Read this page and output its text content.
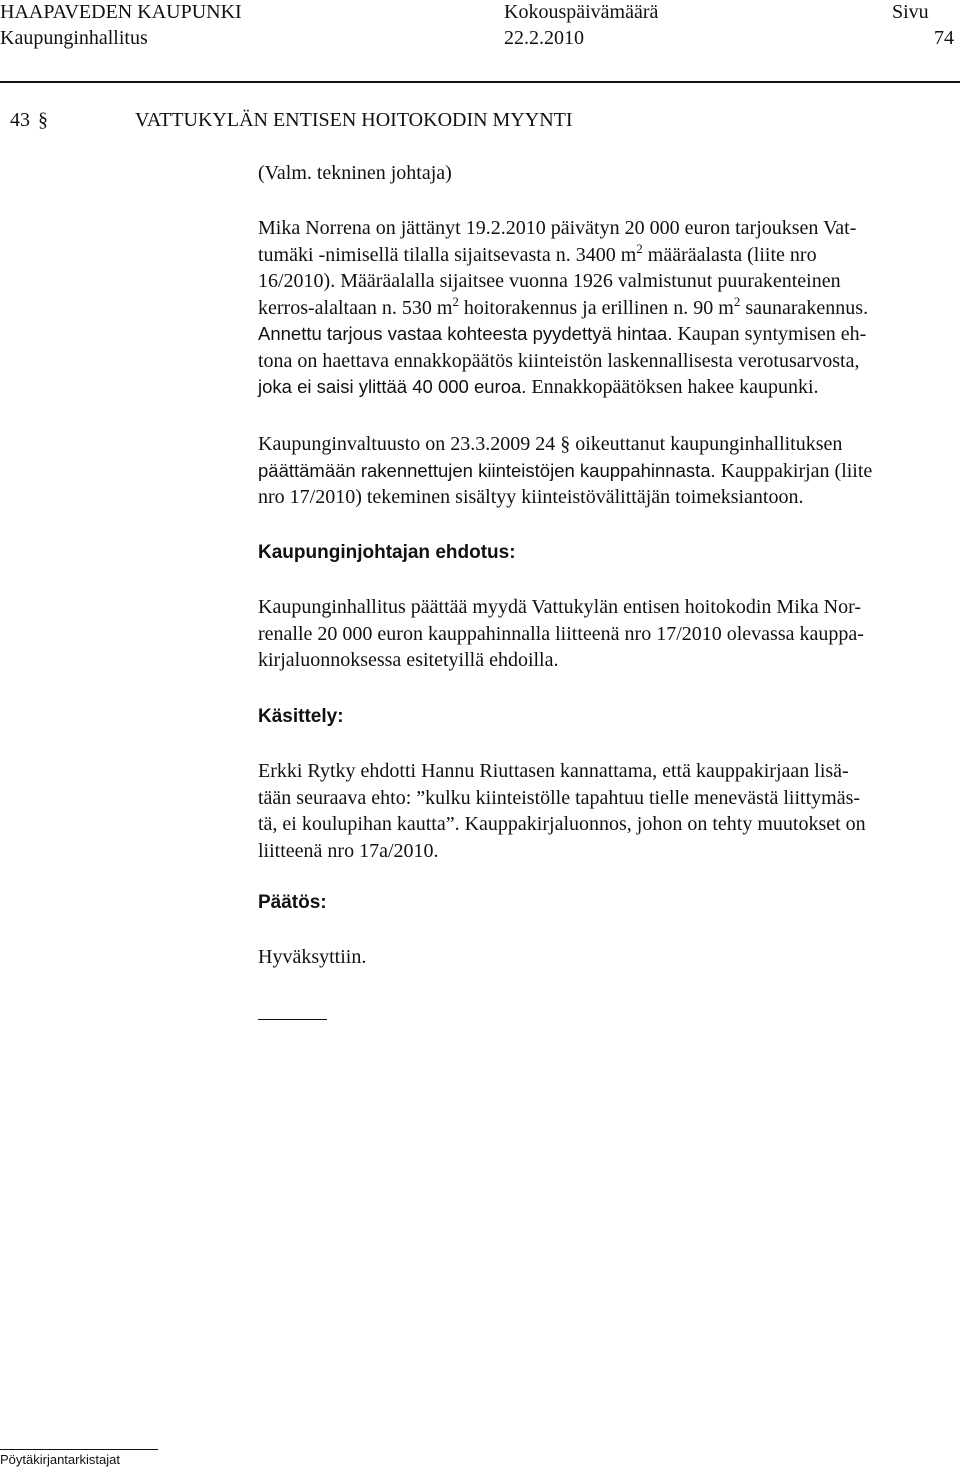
HAAPAVEDEN KAUPUNKI	Kokouspäivämäärä	Sivu
Kaupunginhallitus	22.2.2010	74
43 §	VATTUKYLÄN ENTISEN HOITOKODIN MYYNTI
(Valm. tekninen johtaja)
Mika Norrena on jättänyt 19.2.2010 päivätyn 20 000 euron tarjouksen Vat-
tumäki -nimisellä tilalla sijaitsevasta n. 3400 $m^2$ määräalasta (liite nro
16/2010). Määräalalla sijaitsee vuonna 1926 valmistunut puurakenteinen
kerros-alaltaan n. 530 $m^2$ hoitorakennus ja erillinen n. 90 $m^2$ saunarakennus.
Annettu tarjous vastaa kohteesta pyydettyä hintaa. Kaupan syntymisen eh-
tona on haettava ennakkopäätös kiinteistön laskennallisesta verotusarvosta,
joka ei saisi ylittää 40 000 euroa. Ennakkopäätöksen hakee kaupunki.
Kaupunginvaltuusto on 23.3.2009 24 § oikeuttanut kaupunginhallituksen
päättämään rakennettujen kiinteistöjen kauppahinnasta. Kauppakirjan (liite
nro 17/2010) tekeminen sisältyy kiinteistövälittäjän toimeksiantoon.
Kaupunginjohtajan ehdotus:
Kaupunginhallitus päättää myydä Vattukylän entisen hoitokodin Mika Nor-
renalle 20 000 euron kauppahinnalla liitteenä nro 17/2010 olevassa kauppa-
kirjaluonnoksessa esitetyillä ehdoilla.
Käsittely:
Erkki Rytky ehdotti Hannu Riuttasen kannattama, että kauppakirjaan lisä-
tään seuraava ehto: ”kulku kiinteistölle tapahtuu tielle menevästä liittymäs-
tä, ei koulupihan kautta”. Kauppakirjaluonnos, johon on tehty muutokset on
liitteenä nro 17a/2010.
Päätös:
Hyväksyttiin.
Pöytäkirjantarkistajat
